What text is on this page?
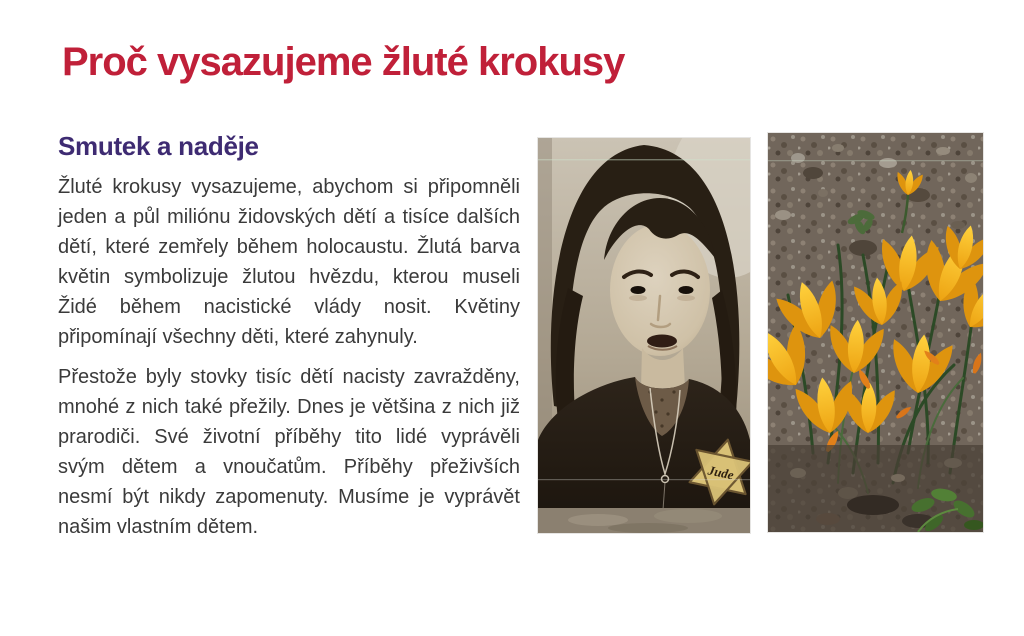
Proč vysazujeme žluté krokusy
Smutek a naděje

Žluté krokusy vysazujeme, abychom si připomněli jeden a půl miliónu židovských dětí a tisíce dalších dětí, které zemřely během holocaustu. Žlutá barva květin symbolizuje žlutou hvězdu, kterou museli Židé během nacistické vlády nosit. Květiny připomínají všechny děti, které zahynuly.

Přestože byly stovky tisíc dětí nacisty zavražděny, mnohé z nich také přežily. Dnes je většina z nich již prarodiči. Své životní příběhy tito lidé vyprávěli svým dětem a vnoučatům. Příběhy přeživších nesmí být nikdy zapomenuty. Musíme je vyprávět našim vlastním dětem.

Jude
